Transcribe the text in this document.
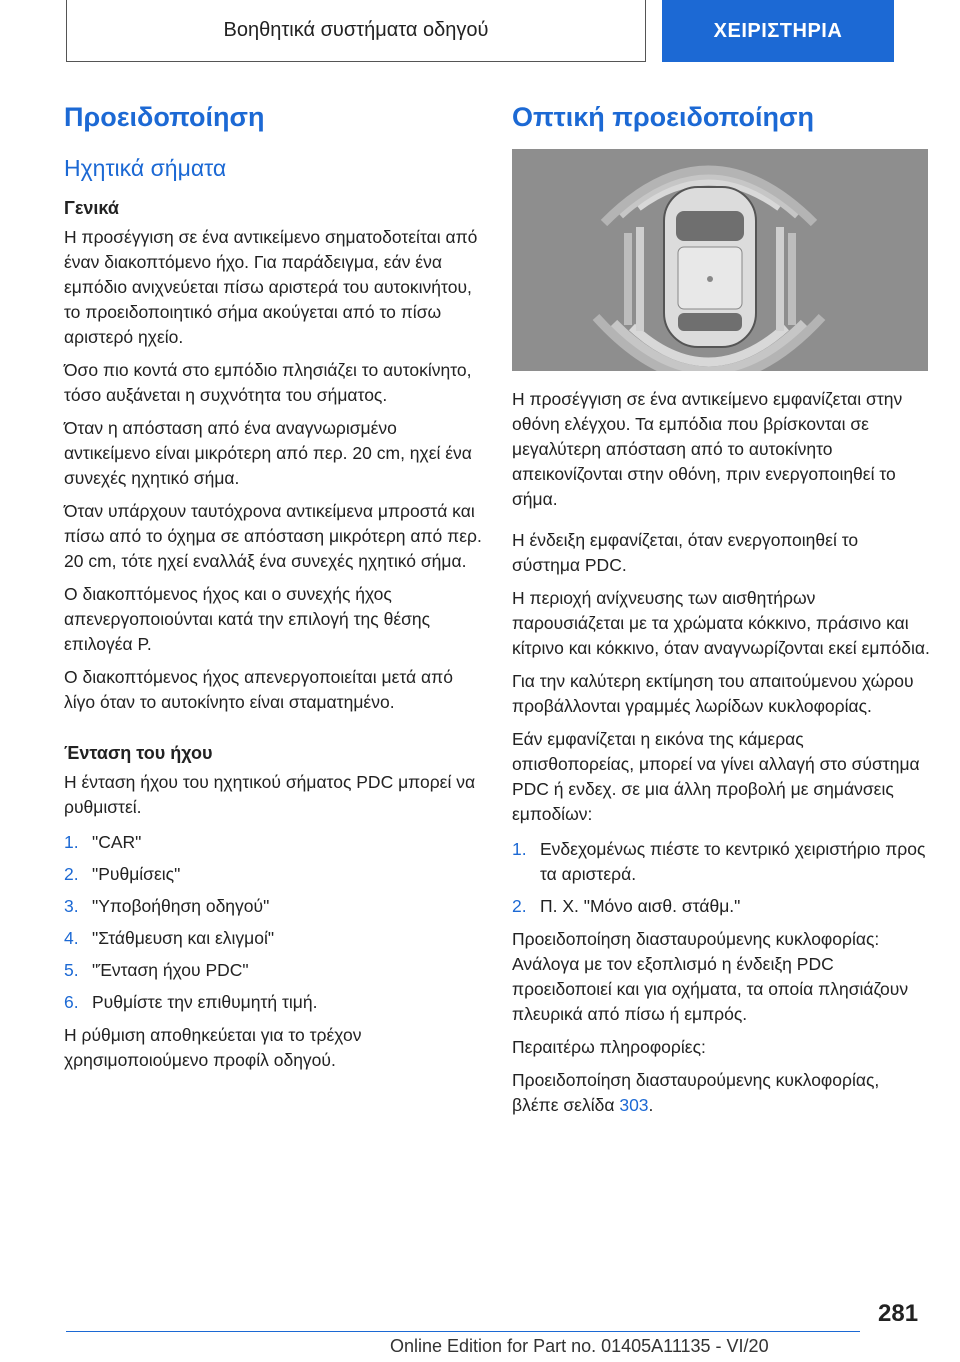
Βοηθητικά συστήματα οδηγού	ΧΕΙΡΙΣΤΗΡΙΑ
Προειδοποίηση
Ηχητικά σήματα
Γενικά

Η προσέγγιση σε ένα αντικείμενο σηματοδοτείται από έναν διακοπτόμενο ήχο. Για παράδειγμα, εάν ένα εμπόδιο ανιχνεύεται πίσω αριστερά του αυτοκινήτου, το προειδοποιητικό σήμα ακούγεται από το πίσω αριστερό ηχείο.

Όσο πιο κοντά στο εμπόδιο πλησιάζει το αυτοκίνητο, τόσο αυξάνεται η συχνότητα του σήματος.

Όταν η απόσταση από ένα αναγνωρισμένο αντικείμενο είναι μικρότερη από περ. 20 cm, ηχεί ένα συνεχές ηχητικό σήμα.

Όταν υπάρχουν ταυτόχρονα αντικείμενα μπροστά και πίσω από το όχημα σε απόσταση μικρότερη από περ. 20 cm, τότε ηχεί εναλλάξ ένα συνεχές ηχητικό σήμα.

Ο διακοπτόμενος ήχος και ο συνεχής ήχος απενεργοποιούνται κατά την επιλογή της θέσης επιλογέα P.

Ο διακοπτόμενος ήχος απενεργοποιείται μετά από λίγο όταν το αυτοκίνητο είναι σταματημένο.

Ένταση του ήχου

Η ένταση ήχου του ηχητικού σήματος PDC μπορεί να ρυθμιστεί.

1. "CAR"
2. "Ρυθμίσεις"
3. "Υποβοήθηση οδηγού"
4. "Στάθμευση και ελιγμοί"
5. "Ένταση ήχου PDC"
6. Ρυθμίστε την επιθυμητή τιμή.

Η ρύθμιση αποθηκεύεται για το τρέχον χρησιμοποιούμενο προφίλ οδηγού.

Οπτική προειδοποίηση

Η προσέγγιση σε ένα αντικείμενο εμφανίζεται στην οθόνη ελέγχου. Τα εμπόδια που βρίσκονται σε μεγαλύτερη απόσταση από το αυτοκίνητο απεικονίζονται στην οθόνη, πριν ενεργοποιηθεί το σήμα.

Η ένδειξη εμφανίζεται, όταν ενεργοποιηθεί το σύστημα PDC.

Η περιοχή ανίχνευσης των αισθητήρων παρουσιάζεται με τα χρώματα κόκκινο, πράσινο και κίτρινο και κόκκινο, όταν αναγνωρίζονται εκεί εμπόδια.

Για την καλύτερη εκτίμηση του απαιτούμενου χώρου προβάλλονται γραμμές λωρίδων κυκλοφορίας.

Εάν εμφανίζεται η εικόνα της κάμερας οπισθοπορείας, μπορεί να γίνει αλλαγή στο σύστημα PDC ή ενδεχ. σε μια άλλη προβολή με σημάνσεις εμποδίων:

1. Ενδεχομένως πιέστε το κεντρικό χειριστήριο προς τα αριστερά.
2. Π. Χ. "Μόνο αισθ. στάθμ."

Προειδοποίηση διασταυρούμενης κυκλοφορίας: Ανάλογα με τον εξοπλισμό η ένδειξη PDC προειδοποιεί και για οχήματα, τα οποία πλησιάζουν πλευρικά από πίσω ή εμπρός.

Περαιτέρω πληροφορίες:

Προειδοποίηση διασταυρούμενης κυκλοφορίας, βλέπε σελίδα 303.

281
Online Edition for Part no. 01405A11135 - VI/20
